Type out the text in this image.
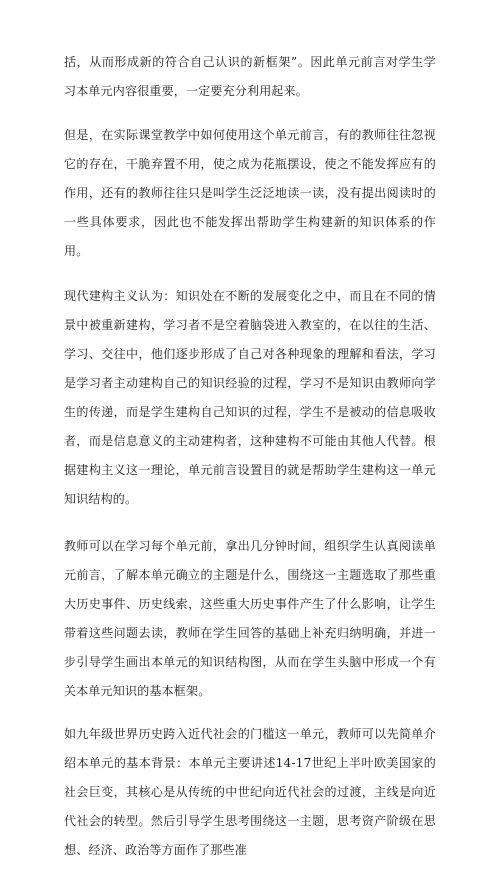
括，从而形成新的符合自己认识的新框架”。因此单元前言对学生学习本单元内容很重要，一定要充分利用起来。

但是，在实际课堂教学中如何使用这个单元前言，有的教师往往忽视它的存在，干脆弃置不用，使之成为花瓶摆设，使之不能发挥应有的作用，还有的教师往往只是叫学生泛泛地读一读，没有提出阅读时的一些具体要求，因此也不能发挥出帮助学生构建新的知识体系的作用。

现代建构主义认为：知识处在不断的发展变化之中，而且在不同的情景中被重新建构，学习者不是空着脑袋进入教室的，在以往的生活、学习、交往中，他们逐步形成了自己对各种现象的理解和看法，学习是学习者主动建构自己的知识经验的过程，学习不是知识由教师向学生的传递，而是学生建构自己知识的过程，学生不是被动的信息吸收者，而是信息意义的主动建构者，这种建构不可能由其他人代替。根据建构主义这一理论，单元前言设置目的就是帮助学生建构这一单元知识结构的。

教师可以在学习每个单元前，拿出几分钟时间，组织学生认真阅读单元前言，了解本单元确立的主题是什么，围绕这一主题选取了那些重大历史事件、历史线索，这些重大历史事件产生了什么影响，让学生带着这些问题去读，教师在学生回答的基础上补充归纳明确，并进一步引导学生画出本单元的知识结构图，从而在学生头脑中形成一个有关本单元知识的基本框架。

如九年级世界历史跨入近代社会的门槛这一单元，教师可以先简单介绍本单元的基本背景：本单元主要讲述14-17世纪上半叶欧美国家的社会巨变，其核心是从传统的中世纪向近代社会的过渡，主线是向近代社会的转型。然后引导学生思考围绕这一主题，思考资产阶级在思想、经济、政治等方面作了那些准
